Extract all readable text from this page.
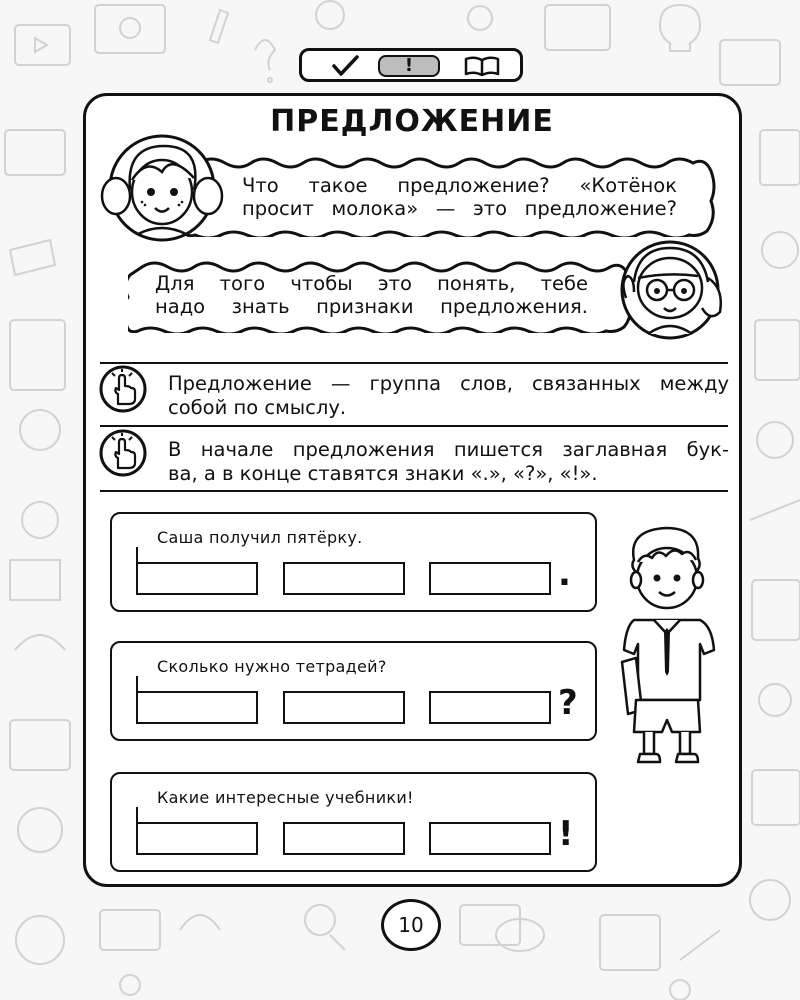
!
ПРЕДЛОЖЕНИЕ
Что такое предложение? «Котёнок
просит молока» — это предложение?
Для того чтобы это понять, тебе
надо знать признаки предложения.
Предложение — группа слов, связанных между
собой по смыслу.
В начале предложения пишется заглавная бук-
ва, а в конце ставятся знаки «.», «?», «!».
Саша получил пятёрку.
.
Сколько нужно тетрадей?
?
Какие интересные учебники!
!
10
